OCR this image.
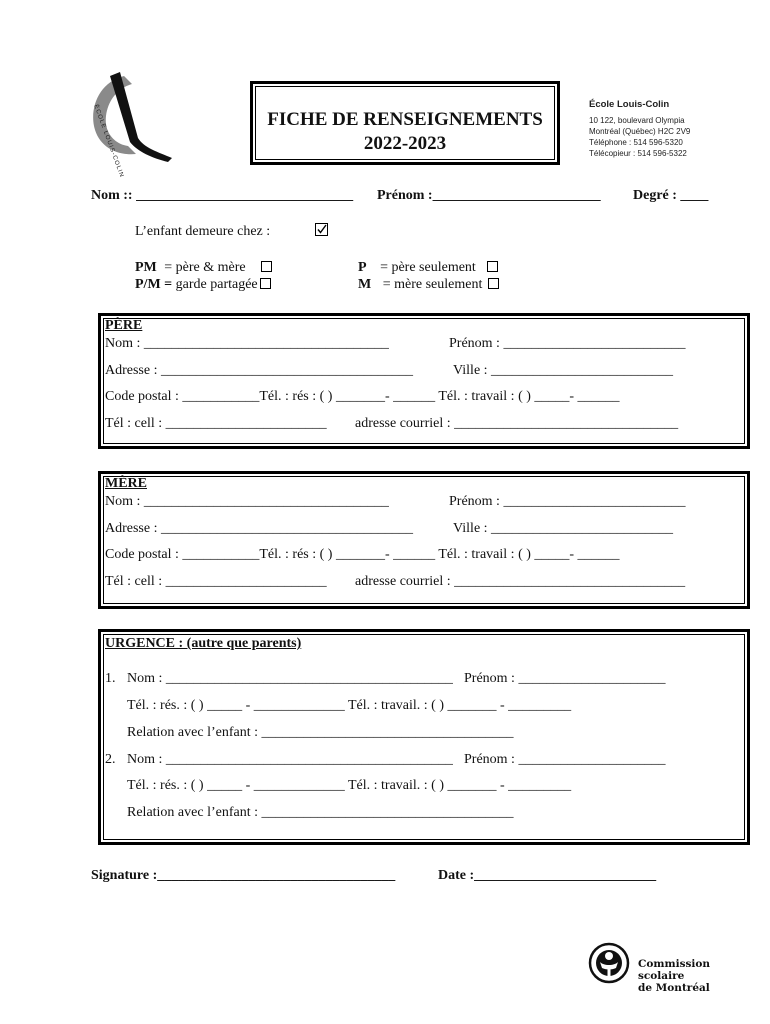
ÉCOLE LOUIS-COLIN	FICHE DE RENSEIGNEMENTS
2022-2023
École Louis-Colin
10 122, boulevard Olympia
Montréal (Québec) H2C 2V9
Téléphone : 514 596-5320
Télécopieur : 514 596-5322
Nom :: _______________________________ Prénom :________________________ Degré : ____
L’enfant demeure chez :
PM = père & mère
P/M = garde partagée
P = père seulement
M = mère seulement
PÈRE
Nom : ___________________________________	Prénom : __________________________
Adresse : ____________________________________	Ville : __________________________
Code postal : ___________Tél. : rés : ( ) _______- ______ Tél. : travail : ( ) _____- ______
Tél : cell : _______________________ adresse courriel : ________________________________
MÈRE
Nom : ___________________________________	Prénom : __________________________
Adresse : ____________________________________	Ville : __________________________
Code postal : ___________Tél. : rés : ( ) _______- ______ Tél. : travail : ( ) _____- ______
Tél : cell : _______________________ adresse courriel : _________________________________
URGENCE : (autre que parents)
1. Nom : _________________________________________ Prénom : _____________________
Tél. : rés. : ( ) _____ - _____________ Tél. : travail. : ( ) _______ - _________
Relation avec l’enfant : ____________________________________
2. Nom : _________________________________________ Prénom : _____________________
Tél. : rés. : ( ) _____ - _____________ Tél. : travail. : ( ) _______ - _________
Relation avec l’enfant : ____________________________________
Signature :__________________________________	Date :__________________________
Commission
scolaire
de Montréal
